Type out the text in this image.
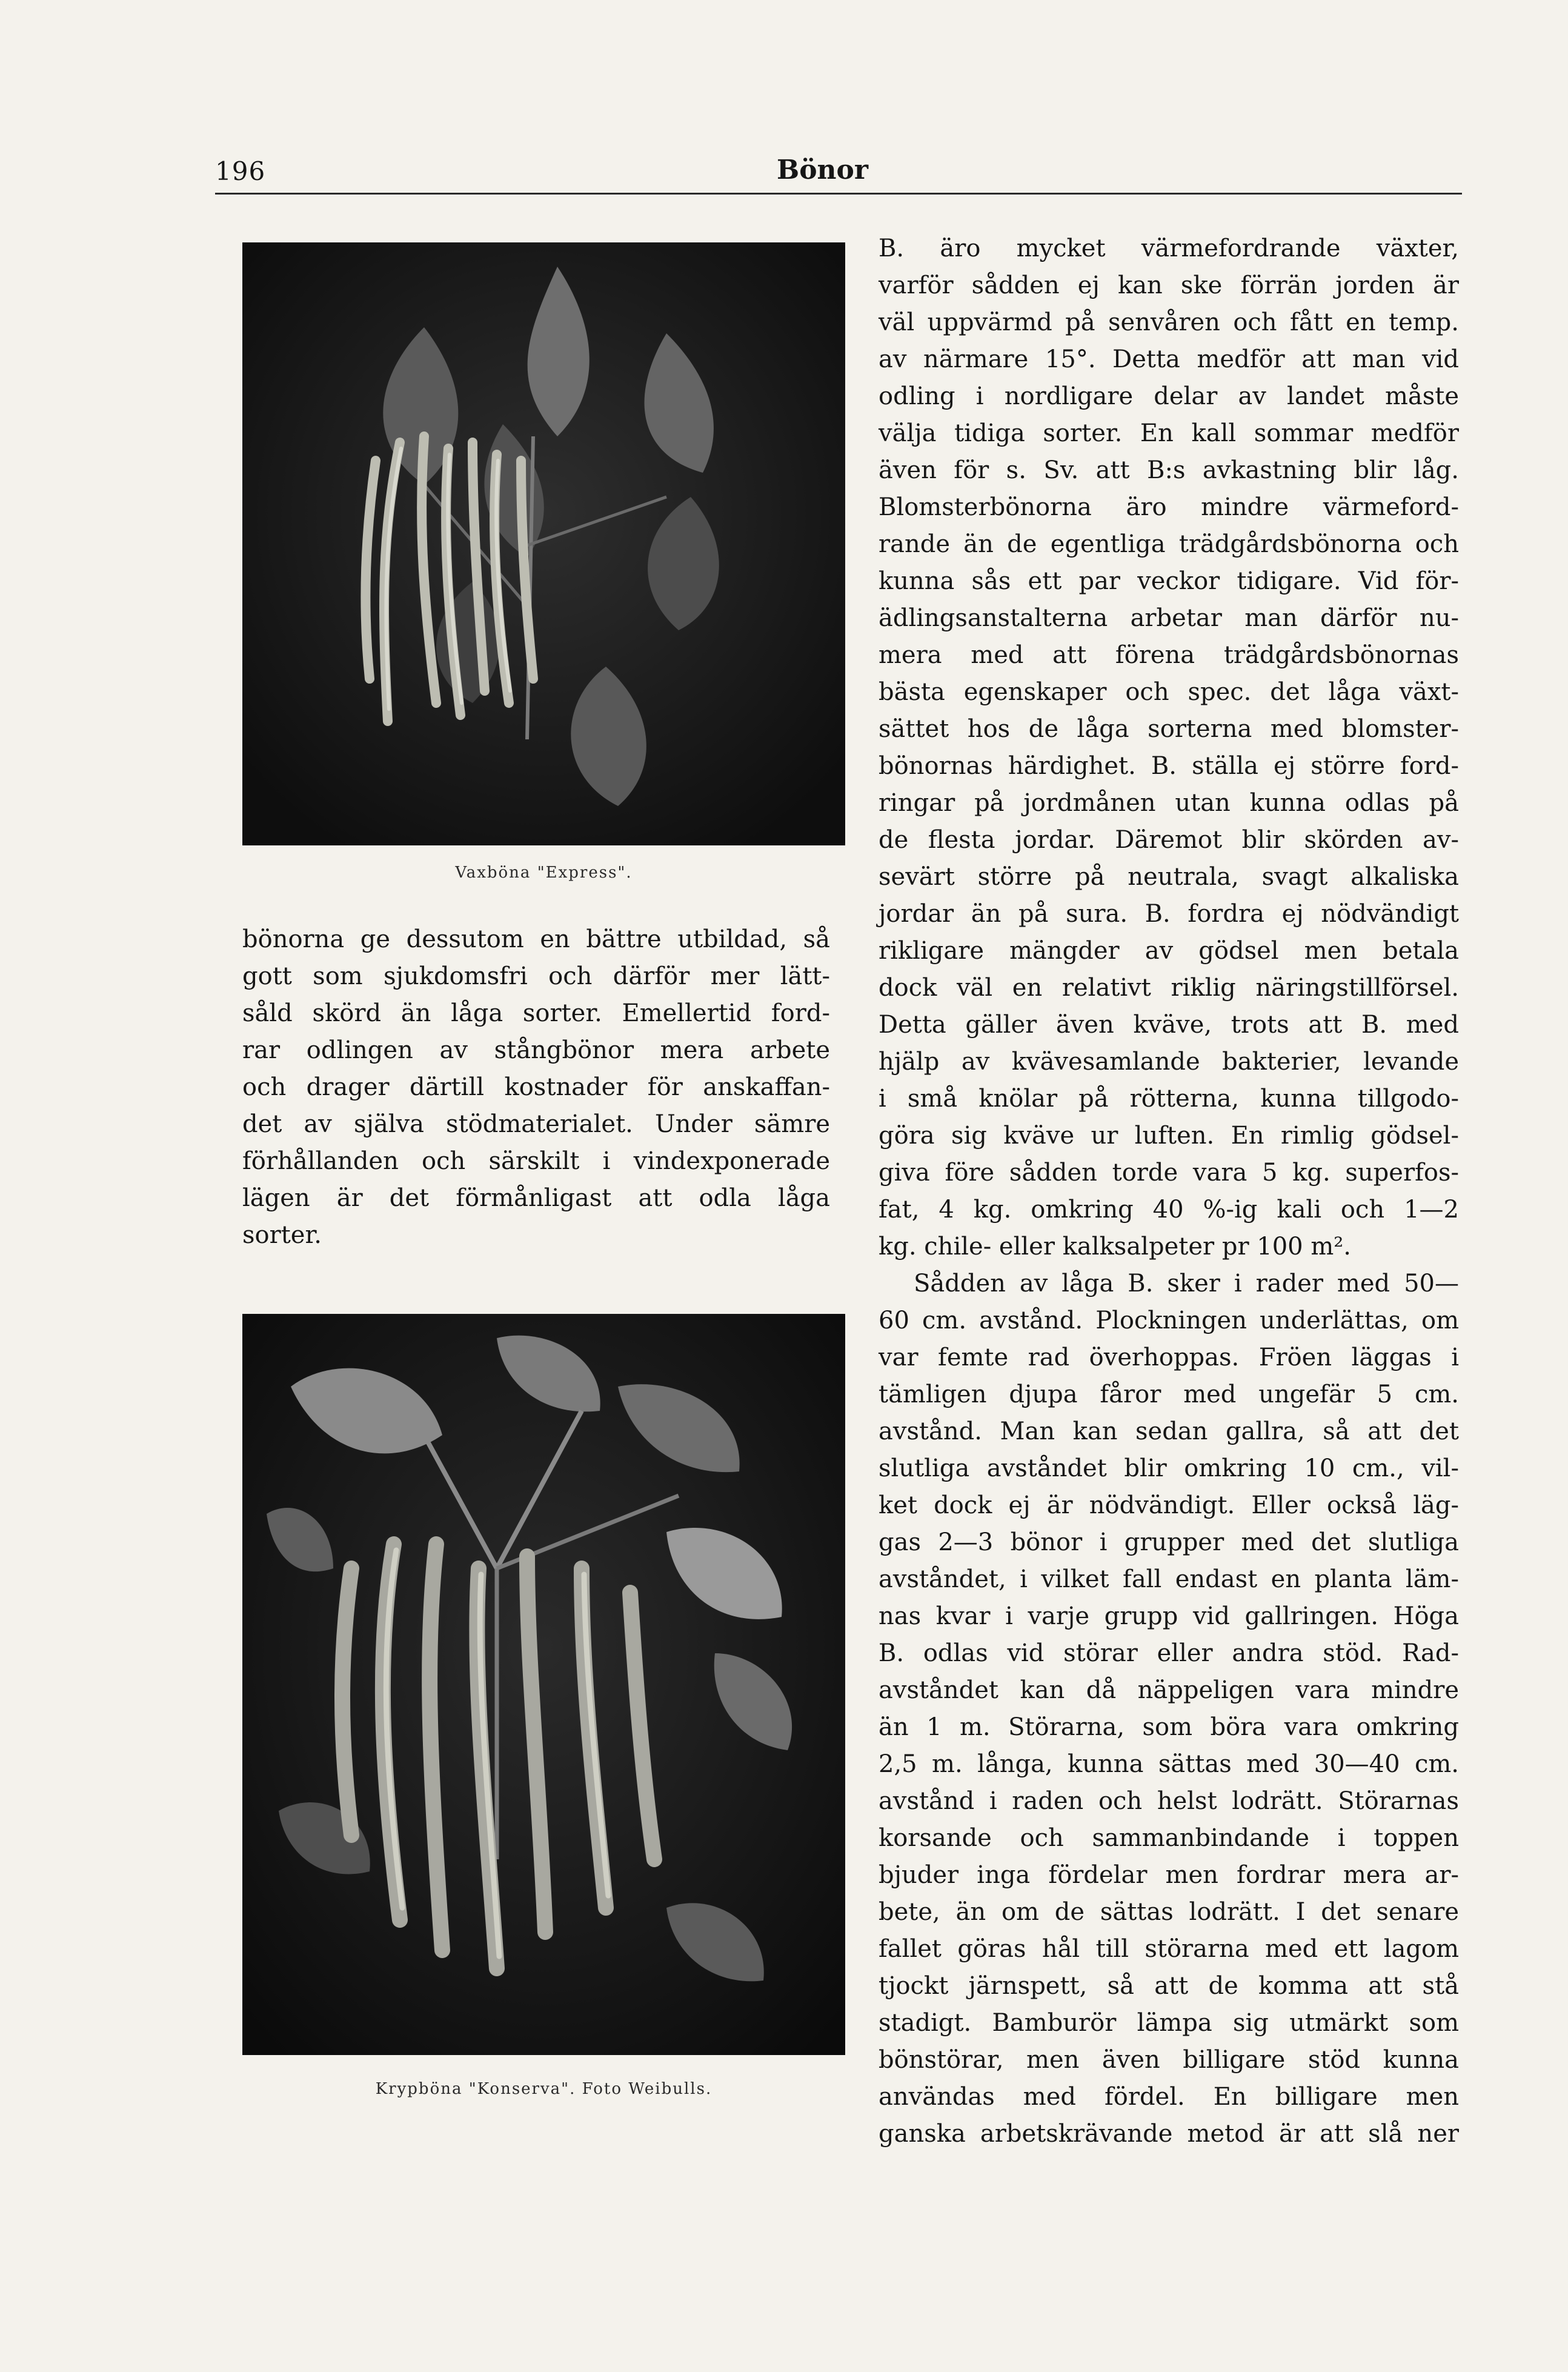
196	Bönor
Vaxböna "Express".
bönorna ge dessutom en bättre utbildad, så
gott som sjukdomsfri och därför mer lätt-
såld skörd än låga sorter. Emellertid ford-
rar odlingen av stångbönor mera arbete
och drager därtill kostnader för anskaffan-
det av själva stödmaterialet. Under sämre
förhållanden och särskilt i vindexponerade
lägen är det förmånligast att odla låga
sorter.
Krypböna "Konserva". Foto Weibulls.
B. äro mycket värmefordrande växter,
varför sådden ej kan ske förrän jorden är
väl uppvärmd på senvåren och fått en temp.
av närmare 15°. Detta medför att man vid
odling i nordligare delar av landet måste
välja tidiga sorter. En kall sommar medför
även för s. Sv. att B:s avkastning blir låg.
Blomsterbönorna äro mindre värmeford-
rande än de egentliga trädgårdsbönorna och
kunna sås ett par veckor tidigare. Vid för-
ädlingsanstalterna arbetar man därför nu-
mera med att förena trädgårdsbönornas
bästa egenskaper och spec. det låga växt-
sättet hos de låga sorterna med blomster-
bönornas härdighet. B. ställa ej större ford-
ringar på jordmånen utan kunna odlas på
de flesta jordar. Däremot blir skörden av-
sevärt större på neutrala, svagt alkaliska
jordar än på sura. B. fordra ej nödvändigt
rikligare mängder av gödsel men betala
dock väl en relativt riklig näringstillförsel.
Detta gäller även kväve, trots att B. med
hjälp av kvävesamlande bakterier, levande
i små knölar på rötterna, kunna tillgodo-
göra sig kväve ur luften. En rimlig gödsel-
giva före sådden torde vara 5 kg. superfos-
fat, 4 kg. omkring 40 %-ig kali och 1—2
kg. chile- eller kalksalpeter pr 100 m².
Sådden av låga B. sker i rader med 50—
60 cm. avstånd. Plockningen underlättas, om
var femte rad överhoppas. Fröen läggas i
tämligen djupa fåror med ungefär 5 cm.
avstånd. Man kan sedan gallra, så att det
slutliga avståndet blir omkring 10 cm., vil-
ket dock ej är nödvändigt. Eller också läg-
gas 2—3 bönor i grupper med det slutliga
avståndet, i vilket fall endast en planta läm-
nas kvar i varje grupp vid gallringen. Höga
B. odlas vid störar eller andra stöd. Rad-
avståndet kan då näppeligen vara mindre
än 1 m. Störarna, som böra vara omkring
2,5 m. långa, kunna sättas med 30—40 cm.
avstånd i raden och helst lodrätt. Störarnas
korsande och sammanbindande i toppen
bjuder inga fördelar men fordrar mera ar-
bete, än om de sättas lodrätt. I det senare
fallet göras hål till störarna med ett lagom
tjockt järnspett, så att de komma att stå
stadigt. Bamburör lämpa sig utmärkt som
bönstörar, men även billigare stöd kunna
användas med fördel. En billigare men
ganska arbetskrävande metod är att slå ner
